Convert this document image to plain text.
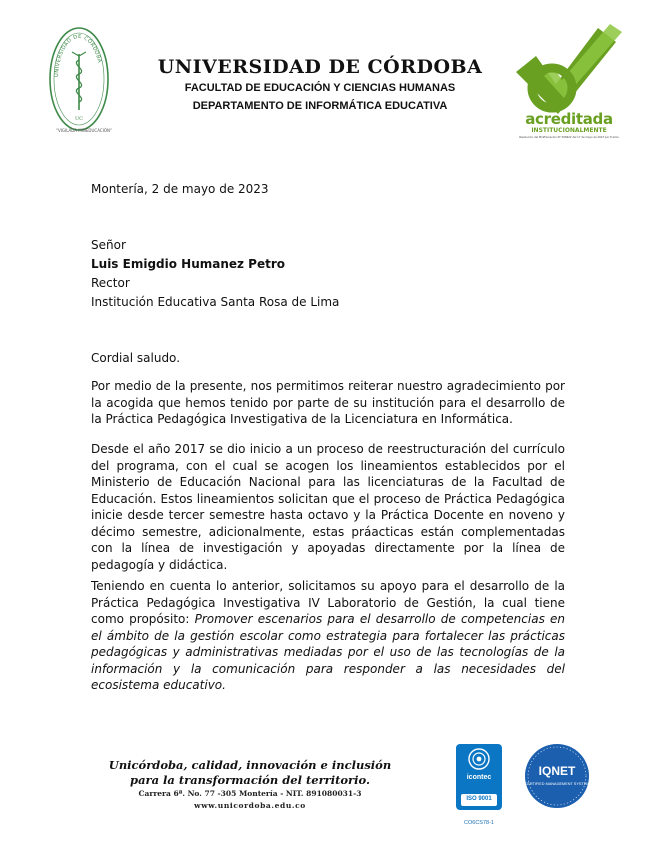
UNIVERSIDAD DE CÓRDOBA
UC
"VIGILADA MINEDUCACIÓN"
UNIVERSIDAD DE CÓRDOBA
FACULTAD DE EDUCACIÓN Y CIENCIAS HUMANAS
DEPARTAMENTO DE INFORMÁTICA EDUCATIVA
acreditada
INSTITUCIONALMENTE
Resolución del MinEducación N° 006622 del 17 de mayo de 2023 por 8 años
Montería, 2 de mayo de 2023
Señor
Luis Emigdio Humanez Petro
Rector
Institución Educativa Santa Rosa de Lima
Cordial saludo.
Por medio de la presente, nos permitimos reiterar nuestro agradecimiento por la acogida que hemos tenido por parte de su institución para el desarrollo de la Práctica Pedagógica Investigativa de la Licenciatura en Informática.
Desde el año 2017 se dio inicio a un proceso de reestructuración del currículo del programa, con el cual se acogen los lineamientos establecidos por el Ministerio de Educación Nacional para las licenciaturas de la Facultad de Educación. Estos lineamientos solicitan que el proceso de Práctica Pedagógica inicie desde tercer semestre hasta octavo y la Práctica Docente en noveno y décimo semestre, adicionalmente, estas práacticas están complementadas con la línea de investigación y apoyadas directamente por la línea de pedagogía y didáctica.
Teniendo en cuenta lo anterior, solicitamos su apoyo para el desarrollo de la Práctica Pedagógica Investigativa IV Laboratorio de Gestión, la cual tiene como propósito: Promover escenarios para el desarrollo de competencias en el ámbito de la gestión escolar como estrategia para fortalecer las prácticas pedagógicas y administrativas mediadas por el uso de las tecnologías de la información y la comunicación para responder a las necesidades del ecosistema educativo.
Unicórdoba, calidad, innovación e inclusión
para la transformación del territorio.
Carrera 6ª. No. 77 -305 Montería - NIT. 891080031-3
www.unicordoba.edu.co
icontec
ISO 9001
CO6CS78-1
IQNET
CERTIFIED MANAGEMENT SYSTEM
